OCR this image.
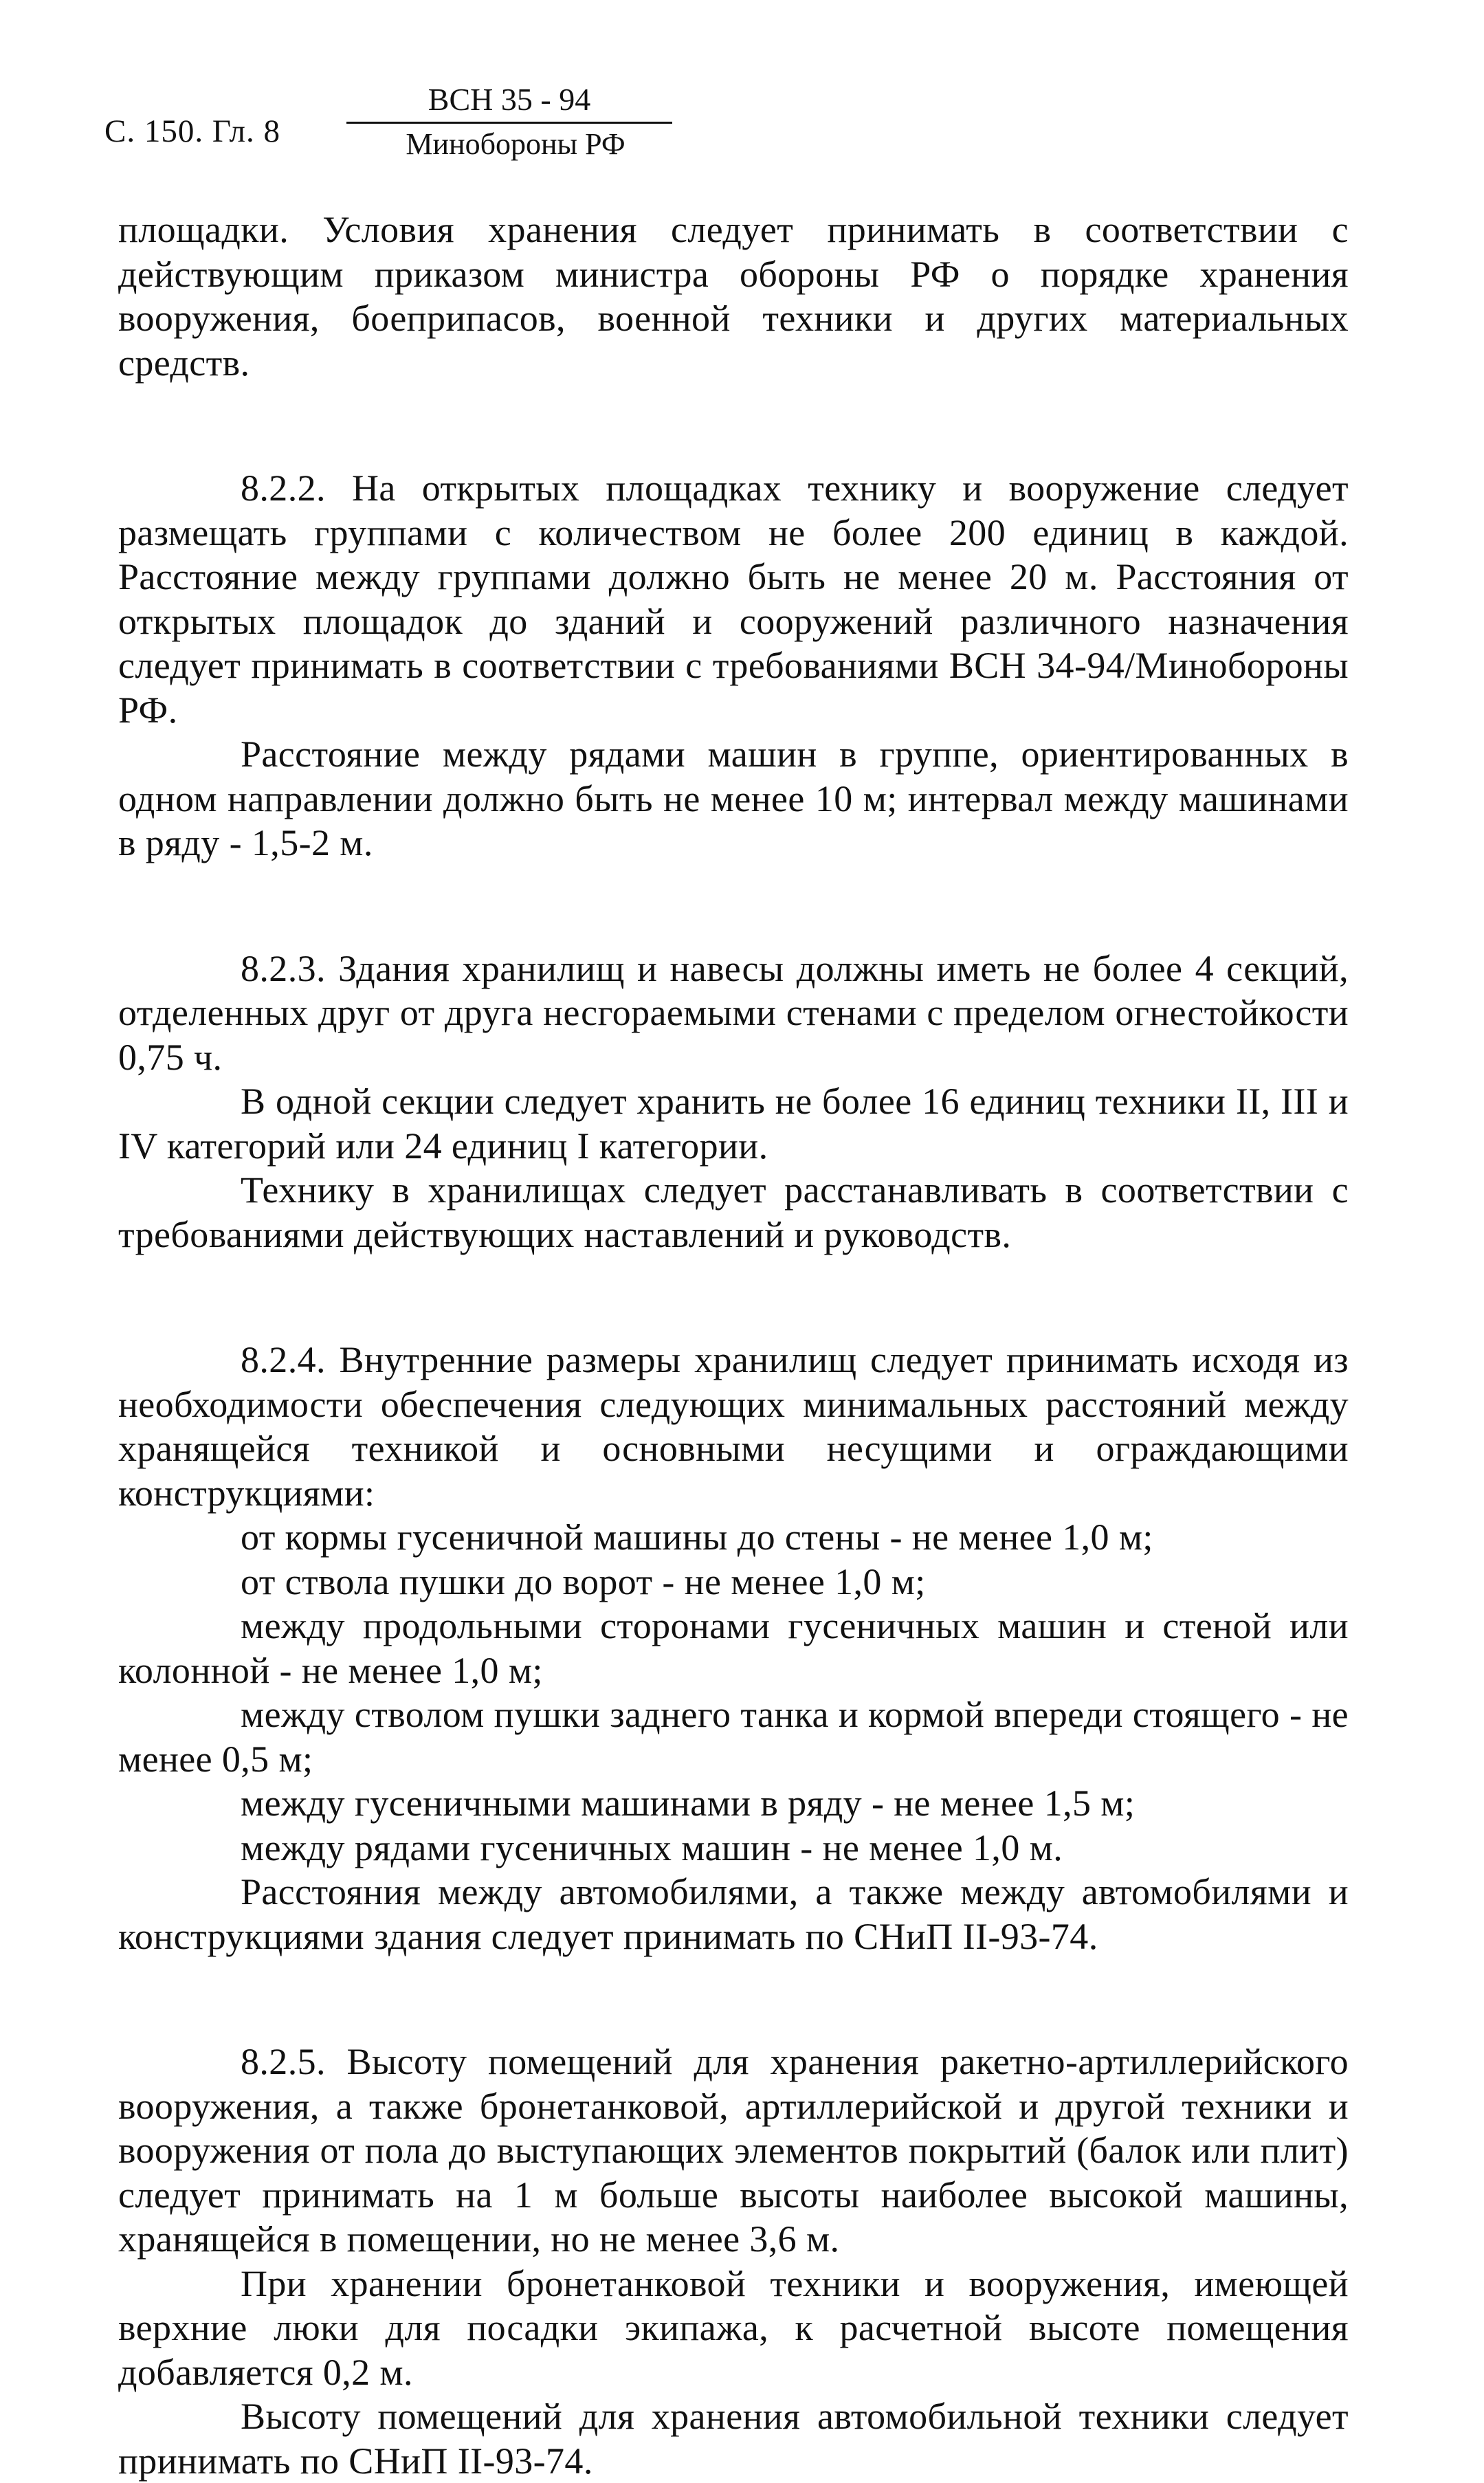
С. 150. Гл. 8
ВСН 35 - 94
Минобороны РФ

площадки. Условия хранения следует принимать в соответствии с действующим приказом министра обороны РФ о порядке хранения вооружения, боеприпасов, военной техники и других материальных средств.

8.2.2. На открытых площадках технику и вооружение следует размещать группами с количеством не более 200 единиц в каждой. Расстояние между группами должно быть не менее 20 м. Расстояния от открытых площадок до зданий и сооружений различного назначения следует принимать в соответствии с требованиями ВСН 34-94/Минобороны РФ.

Расстояние между рядами машин в группе, ориентированных в одном направлении должно быть не менее 10 м; интервал между машинами в ряду - 1,5-2 м.

8.2.3. Здания хранилищ и навесы должны иметь не более 4 секций, отделенных друг от друга несгораемыми стенами с пределом огнестойкости 0,75 ч.

В одной секции следует хранить не более 16 единиц техники II, III и IV категорий или 24 единиц I категории.

Технику в хранилищах следует расстанавливать в соответствии с требованиями действующих наставлений и руководств.

8.2.4. Внутренние размеры хранилищ следует принимать исходя из необходимости обеспечения следующих минимальных расстояний между хранящейся техникой и основными несущими и ограждающими конструкциями:

от кормы гусеничной машины до стены - не менее 1,0 м;

от ствола пушки до ворот - не менее 1,0 м;

между продольными сторонами гусеничных машин и стеной или колонной - не менее 1,0 м;

между стволом пушки заднего танка и кормой впереди стоящего - не менее 0,5 м;

между гусеничными машинами в ряду - не менее 1,5 м;

между рядами гусеничных машин - не менее 1,0 м.

Расстояния между автомобилями, а также между автомобилями и конструкциями здания следует принимать по СНиП II-93-74.

8.2.5. Высоту помещений для хранения ракетно-артиллерийского вооружения, а также бронетанковой, артиллерийской и другой техники и вооружения от пола до выступающих элементов покрытий (балок или плит) следует принимать на 1 м больше высоты наиболее высокой машины, хранящейся в помещении, но не менее 3,6 м.

При хранении бронетанковой техники и вооружения, имеющей верхние люки для посадки экипажа, к расчетной высоте помещения добавляется 0,2 м.

Высоту помещений для хранения автомобильной техники следует принимать по СНиП II-93-74.
